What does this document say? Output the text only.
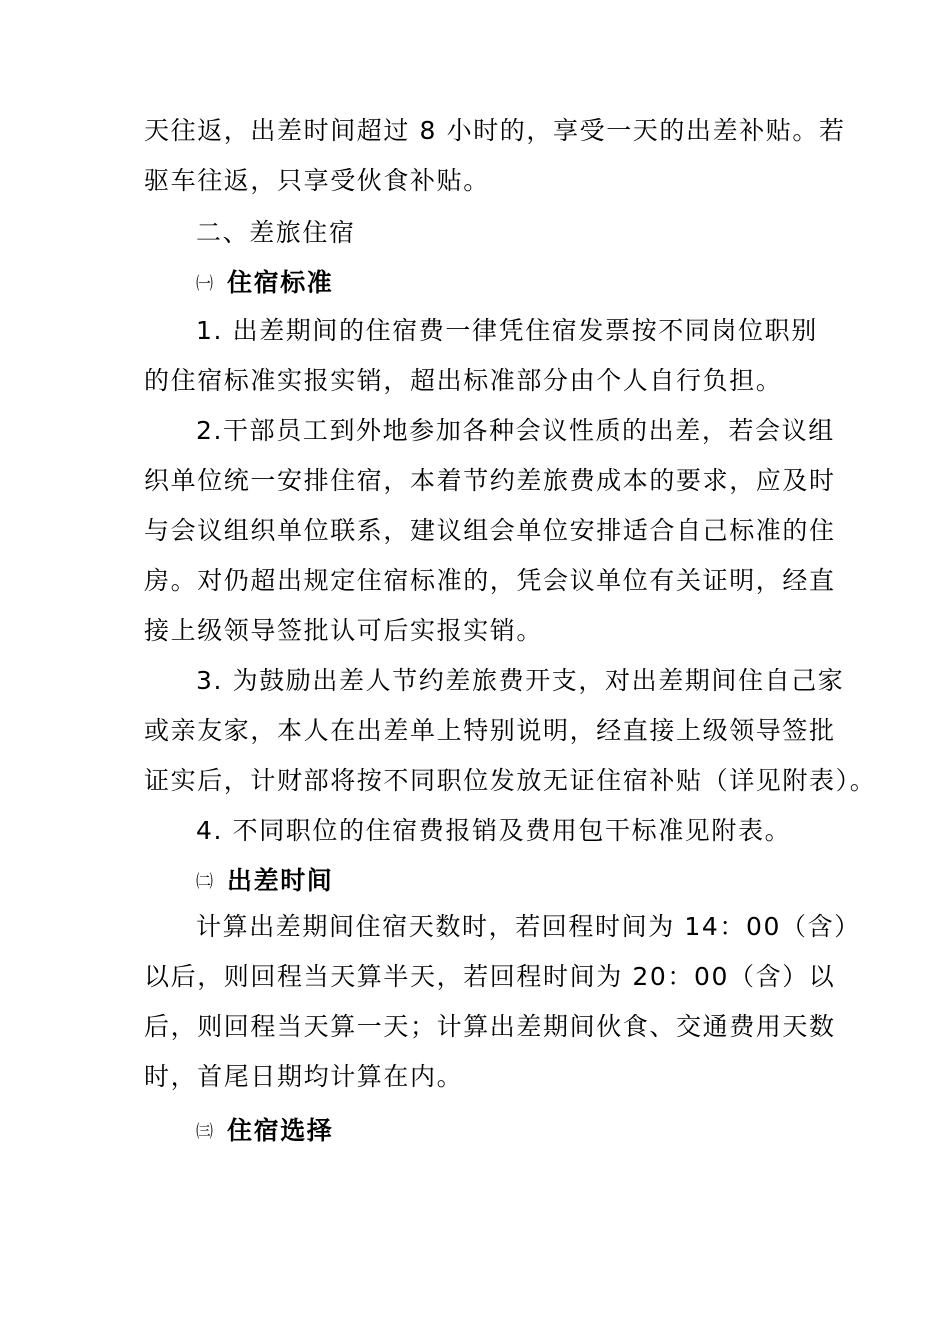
天往返，出差时间超过 8 小时的，享受一天的出差补贴。若
驱车往返，只享受伙食补贴。
二、差旅住宿
㈠ 住宿标准
1. 出差期间的住宿费一律凭住宿发票按不同岗位职别
的住宿标准实报实销，超出标准部分由个人自行负担。
2.干部员工到外地参加各种会议性质的出差，若会议组
织单位统一安排住宿，本着节约差旅费成本的要求，应及时
与会议组织单位联系，建议组会单位安排适合自己标准的住
房。对仍超出规定住宿标准的，凭会议单位有关证明，经直
接上级领导签批认可后实报实销。
3. 为鼓励出差人节约差旅费开支，对出差期间住自己家
或亲友家，本人在出差单上特别说明，经直接上级领导签批
证实后，计财部将按不同职位发放无证住宿补贴（详见附表）。
4. 不同职位的住宿费报销及费用包干标准见附表。
㈡ 出差时间
计算出差期间住宿天数时，若回程时间为 14：00（含）
以后，则回程当天算半天，若回程时间为 20：00（含）以
后，则回程当天算一天；计算出差期间伙食、交通费用天数
时，首尾日期均计算在内。
㈢ 住宿选择
